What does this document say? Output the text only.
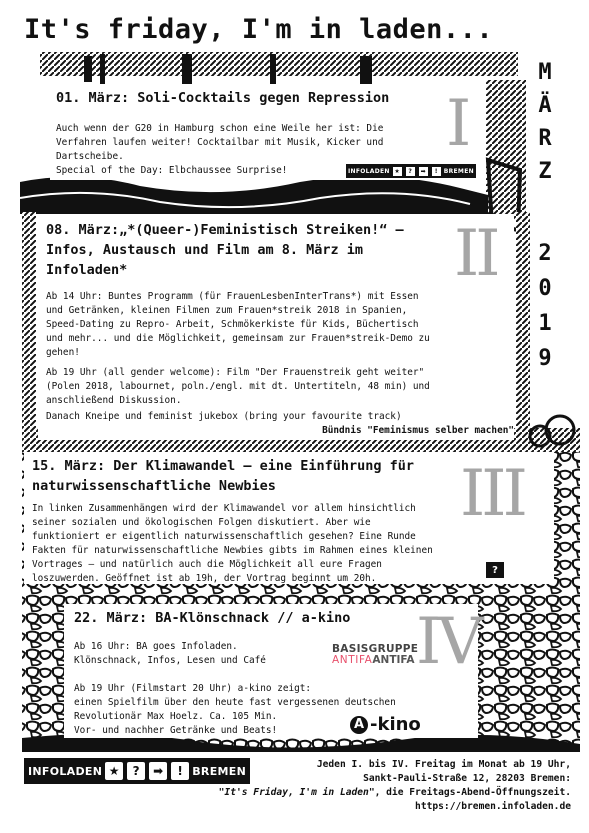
It's friday, I'm in laden...
M
Ä
R
Z
2
0
1
9
I

01. März: Soli-Cocktails gegen Repression

Auch wenn der G20 in Hamburg schon eine Weile her ist: Die
Verfahren laufen weiter! Cocktailbar mit Musik, Kicker und
Dartscheibe.
Special of the Day: Elbchaussee Surprise!	INFOLADEN ★	?	➡	! BREMEN
II

08. März:„*(Queer-)Feministisch Streiken!“ –
Infos, Austausch und Film am 8. März im
Infoladen*

Ab 14 Uhr: Buntes Programm (für FrauenLesbenInterTrans*) mit Essen
und Getränken, kleinen Filmen zum Frauen*streik 2018 in Spanien,
Speed-Dating zu Repro- Arbeit, Schmökerkiste für Kids, Büchertisch
und mehr... und die Möglichkeit, gemeinsam zur Frauen*streik-Demo zu
gehen!

Ab 19 Uhr (all gender welcome): Film "Der Frauenstreik geht weiter"
(Polen 2018, labournet, poln./engl. mit dt. Untertiteln, 48 min) und
anschließend Diskussion.

Danach Kneipe und feminist jukebox (bring your favourite track)

Bündnis "Feminismus selber machen"

III

15. März: Der Klimawandel – eine Einführung für
naturwissenschaftliche Newbies

In linken Zusammenhängen wird der Klimawandel vor allem hinsichtlich
seiner sozialen und ökologischen Folgen diskutiert. Aber wie
funktioniert er eigentlich naturwissenschaftlich gesehen? Eine Runde
Fakten für naturwissenschaftliche Newbies gibts im Rahmen eines kleinen
Vortrages – und natürlich auch die Möglichkeit all eure Fragen
loszuwerden. Geöffnet ist ab 19h, der Vortrag beginnt um 20h.

?
IV

22. März: BA-Klönschnack // a-kino

Ab 16 Uhr: BA goes Infoladen.
Klönschnack, Infos, Lesen und Café

Ab 19 Uhr (Filmstart 20 Uhr) a-kino zeigt:
einen Spielfilm über den heute fast vergessenen deutschen
Revolutionär Max Hoelz. Ca. 105 Min.
Vor- und nachher Getränke und Beats!

BASISGRUPPE
ANTIFAANTIFA
A -kino
INFOLADEN ★	?	➡	! BREMEN	Jeden I. bis IV. Freitag im Monat ab 19 Uhr,
Sankt-Pauli-Straße 12, 28203 Bremen:
"It's Friday, I'm in Laden", die Freitags-Abend-Öffnungszeit.
https://bremen.infoladen.de
